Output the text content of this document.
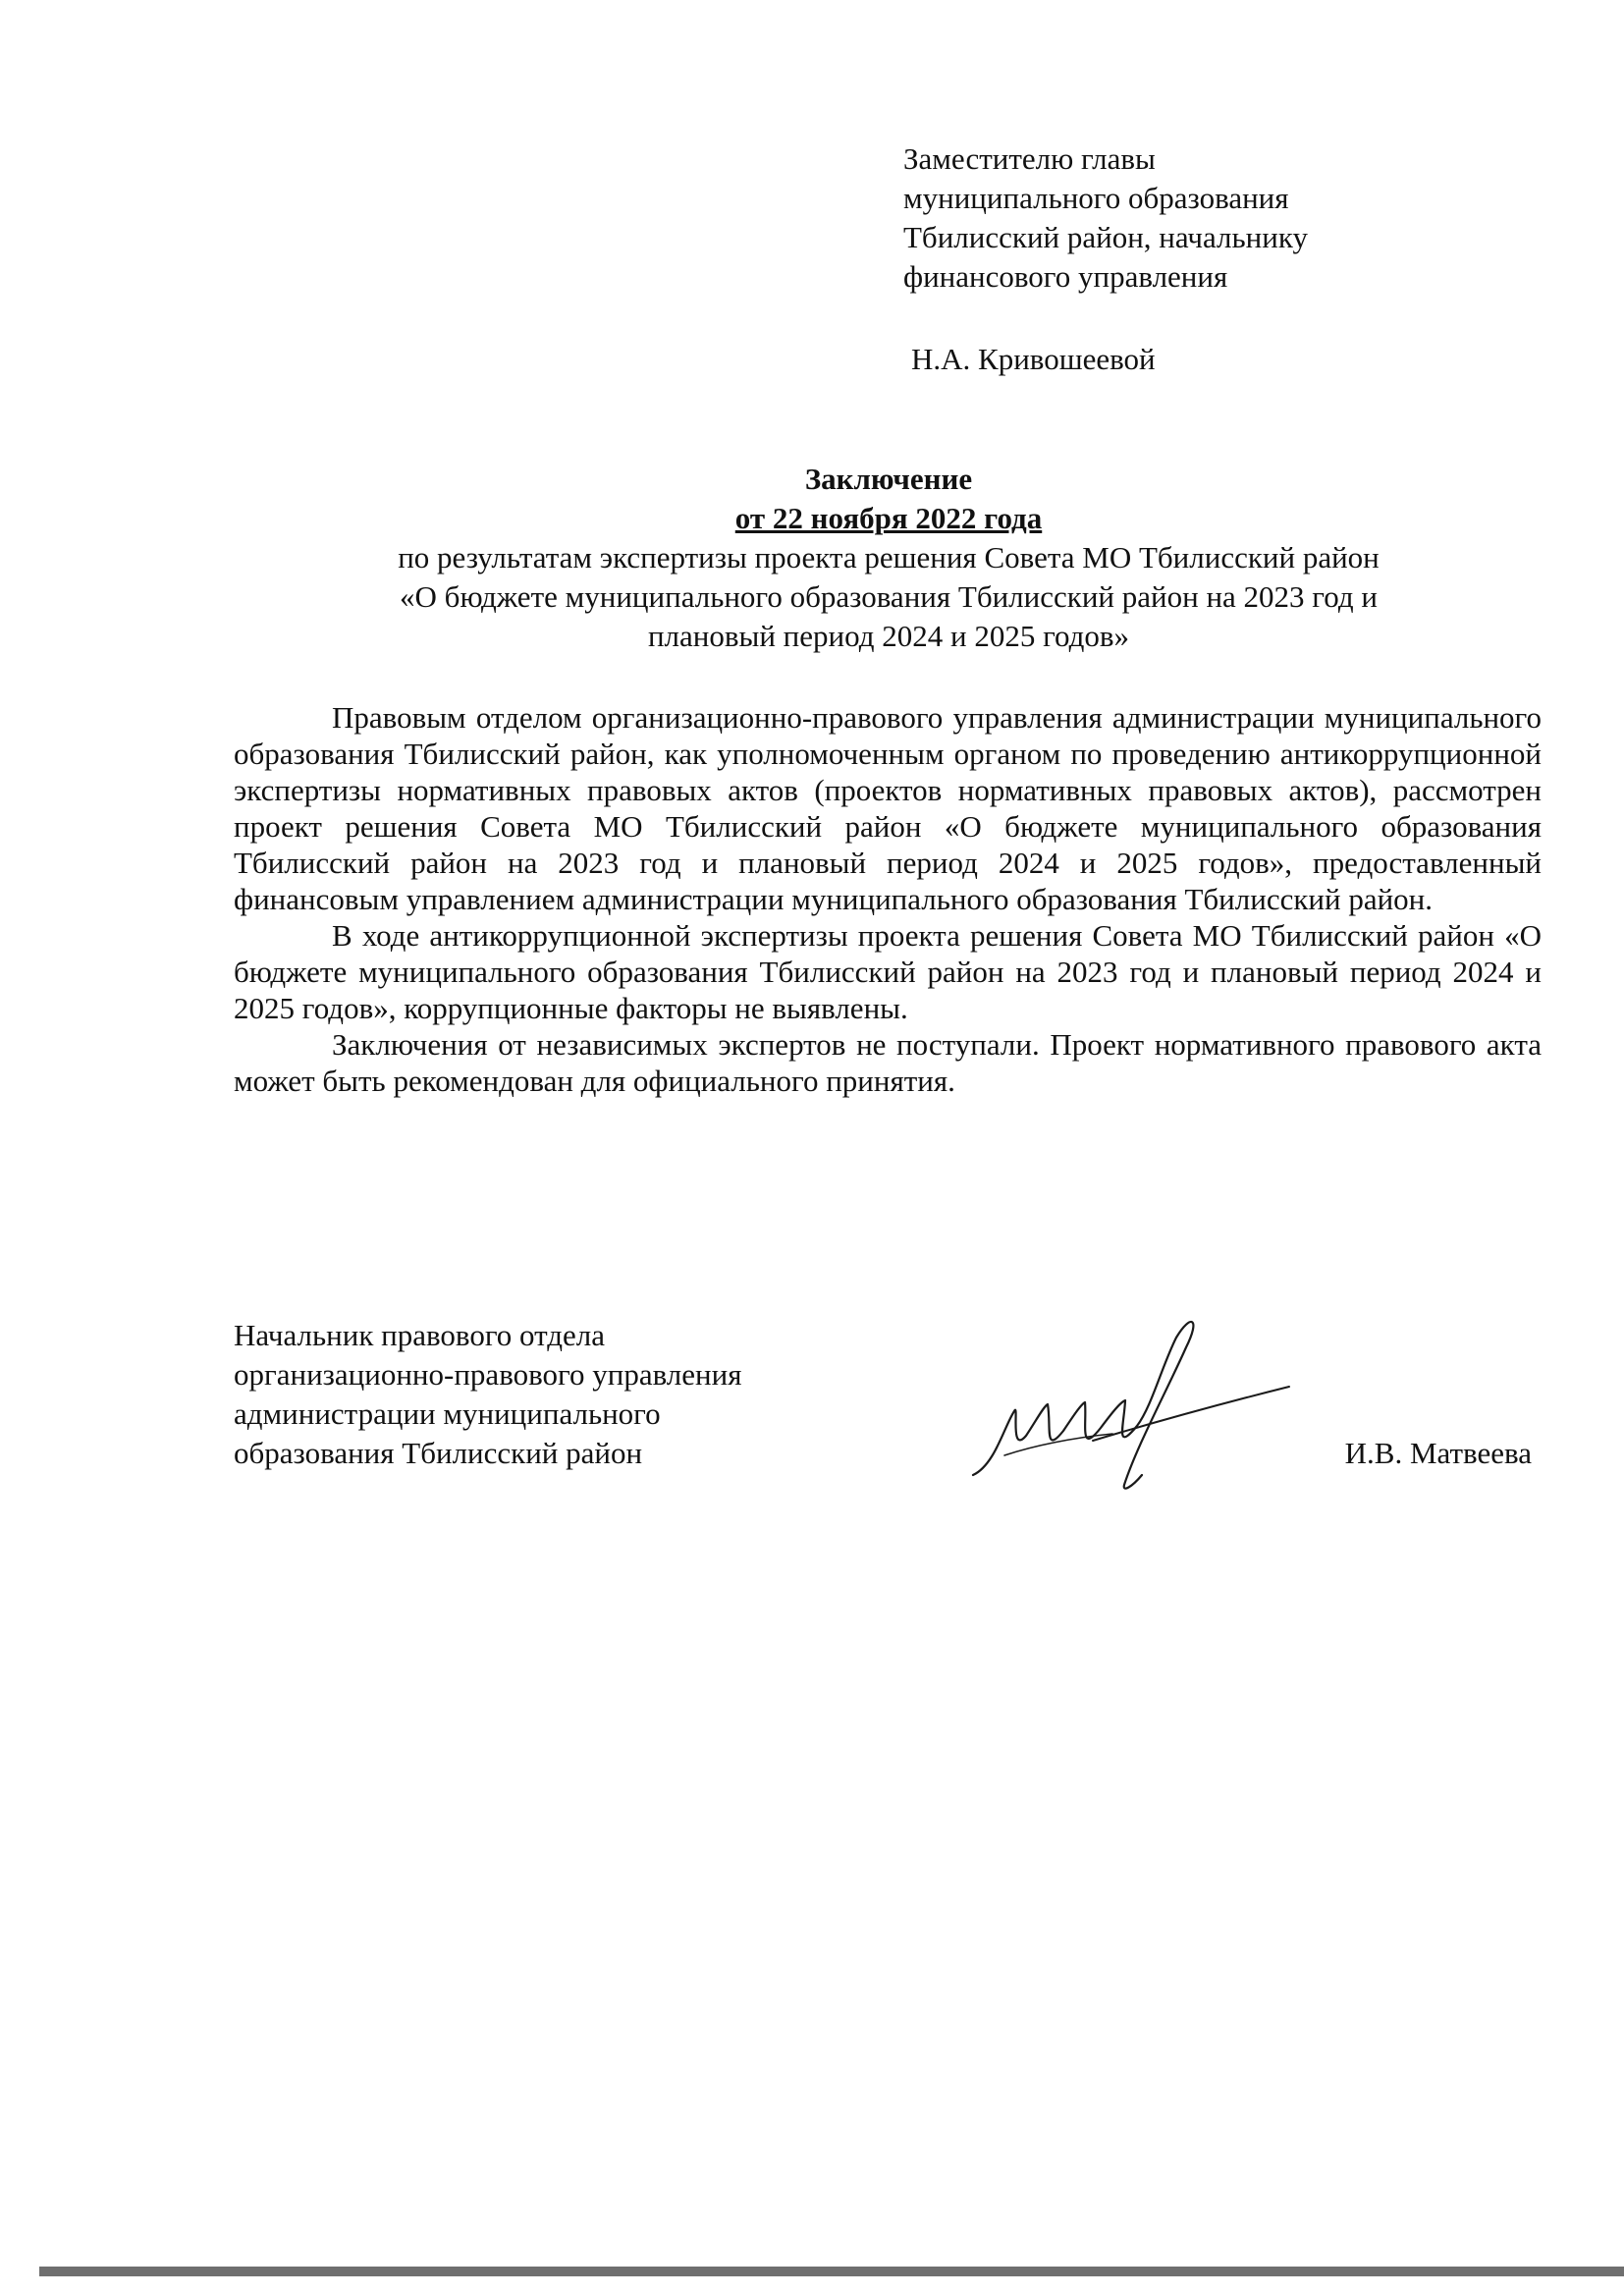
Заместителю главы
муниципального образования
Тбилисский район, начальнику
финансового управления
Н.А. Кривошеевой
Заключение
от 22 ноября 2022 года
по результатам экспертизы проекта решения Совета МО Тбилисский район
«О бюджете муниципального образования Тбилисский район на 2023 год и
плановый период 2024 и 2025 годов»

Правовым отделом организационно-правового управления администрации муниципального образования Тбилисский район, как уполномоченным органом по проведению антикоррупционной экспертизы нормативных правовых актов (проектов нормативных правовых актов), рассмотрен проект решения Совета МО Тбилисский район «О бюджете муниципального образования Тбилисский район на 2023 год и плановый период 2024 и 2025 годов», предоставленный финансовым управлением администрации муниципального образования Тбилисский район.

В ходе антикоррупционной экспертизы проекта решения Совета МО Тбилисский район «О бюджете муниципального образования Тбилисский район на 2023 год и плановый период 2024 и 2025 годов», коррупционные факторы не выявлены.

Заключения от независимых экспертов не поступали. Проект нормативного правового акта может быть рекомендован для официального принятия.

Начальник правового отдела
организационно-правового управления
администрации муниципального
образования Тбилисский район	И.В. Матвеева
